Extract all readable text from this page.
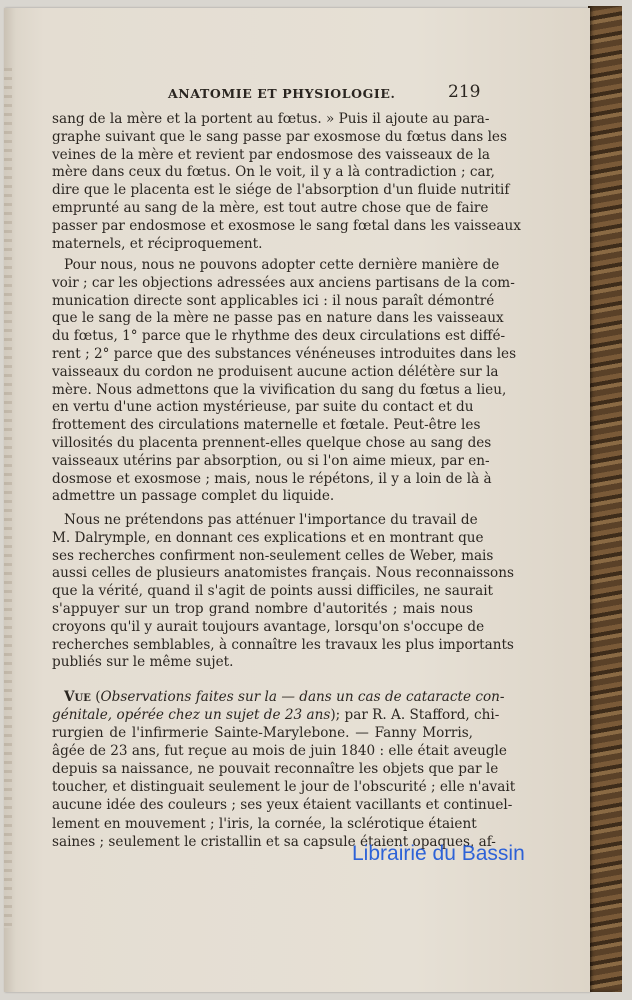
ANATOMIE ET PHYSIOLOGIE.	219
sang de la mère et la portent au fœtus. » Puis il ajoute au para-
graphe suivant que le sang passe par exosmose du fœtus dans les
veines de la mère et revient par endosmose des vaisseaux de la
mère dans ceux du fœtus. On le voit, il y a là contradiction ; car,
dire que le placenta est le siége de l'absorption d'un fluide nutritif
emprunté au sang de la mère, est tout autre chose que de faire
passer par endosmose et exosmose le sang fœtal dans les vaisseaux
maternels, et réciproquement.
Pour nous, nous ne pouvons adopter cette dernière manière de
voir ; car les objections adressées aux anciens partisans de la com-
munication directe sont applicables ici : il nous paraît démontré
que le sang de la mère ne passe pas en nature dans les vaisseaux
du fœtus, 1° parce que le rhythme des deux circulations est diffé-
rent ; 2° parce que des substances vénéneuses introduites dans les
vaisseaux du cordon ne produisent aucune action délétère sur la
mère. Nous admettons que la vivification du sang du fœtus a lieu,
en vertu d'une action mystérieuse, par suite du contact et du
frottement des circulations maternelle et fœtale. Peut-être les
villosités du placenta prennent-elles quelque chose au sang des
vaisseaux utérins par absorption, ou si l'on aime mieux, par en-
dosmose et exosmose ; mais, nous le répétons, il y a loin de là à
admettre un passage complet du liquide.
Nous ne prétendons pas atténuer l'importance du travail de
M. Dalrymple, en donnant ces explications et en montrant que
ses recherches confirment non-seulement celles de Weber, mais
aussi celles de plusieurs anatomistes français. Nous reconnaissons
que la vérité, quand il s'agit de points aussi difficiles, ne saurait
s'appuyer sur un trop grand nombre d'autorités ; mais nous
croyons qu'il y aurait toujours avantage, lorsqu'on s'occupe de
recherches semblables, à connaître les travaux les plus importants
publiés sur le même sujet.
Vue (Observations faites sur la — dans un cas de cataracte con-
génitale, opérée chez un sujet de 23 ans); par R. A. Stafford, chi-
rurgien de l'infirmerie Sainte-Marylebone. — Fanny Morris,
âgée de 23 ans, fut reçue au mois de juin 1840 : elle était aveugle
depuis sa naissance, ne pouvait reconnaître les objets que par le
toucher, et distinguait seulement le jour de l'obscurité ; elle n'avait
aucune idée des couleurs ; ses yeux étaient vacillants et continuel-
lement en mouvement ; l'iris, la cornée, la sclérotique étaient
saines ; seulement le cristallin et sa capsule étaient opaques, af-
Librairie du Bassin
